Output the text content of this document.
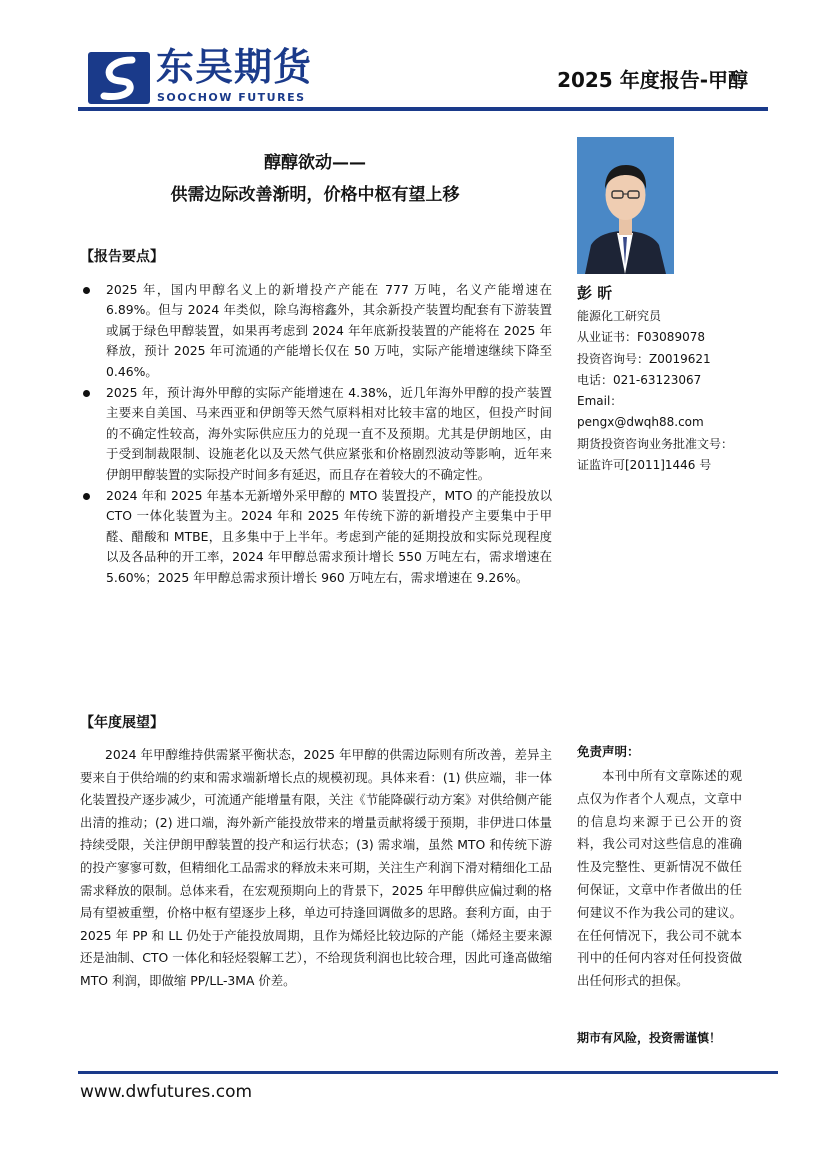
东吴期货
SOOCHOW FUTURES
2025 年度报告-甲醇
醇醇欲动——
供需边际改善渐明，价格中枢有望上移
【报告要点】
2025 年，国内甲醇名义上的新增投产产能在 777 万吨，名义产能增速在 6.89%。但与 2024 年类似，除乌海榕鑫外，其余新投产装置均配套有下游装置或属于绿色甲醇装置，如果再考虑到 2024 年年底新投装置的产能将在 2025 年释放，预计 2025 年可流通的产能增长仅在 50 万吨，实际产能增速继续下降至 0.46%。
2025 年，预计海外甲醇的实际产能增速在 4.38%，近几年海外甲醇的投产装置主要来自美国、马来西亚和伊朗等天然气原料相对比较丰富的地区，但投产时间的不确定性较高，海外实际供应压力的兑现一直不及预期。尤其是伊朗地区，由于受到制裁限制、设施老化以及天然气供应紧张和价格剧烈波动等影响，近年来伊朗甲醇装置的实际投产时间多有延迟，而且存在着较大的不确定性。
2024 年和 2025 年基本无新增外采甲醇的 MTO 装置投产，MTO 的产能投放以 CTO 一体化装置为主。2024 年和 2025 年传统下游的新增投产主要集中于甲醛、醋酸和 MTBE，且多集中于上半年。考虑到产能的延期投放和实际兑现程度以及各品种的开工率，2024 年甲醇总需求预计增长 550 万吨左右，需求增速在 5.60%；2025 年甲醇总需求预计增长 960 万吨左右，需求增速在 9.26%。
【年度展望】

2024 年甲醇维持供需紧平衡状态，2025 年甲醇的供需边际则有所改善，差异主要来自于供给端的约束和需求端新增长点的规模初现。具体来看：(1) 供应端，非一体化装置投产逐步减少，可流通产能增量有限，关注《节能降碳行动方案》对供给侧产能出清的推动；(2) 进口端，海外新产能投放带来的增量贡献将缓于预期，非伊进口体量持续受限，关注伊朗甲醇装置的投产和运行状态；(3) 需求端，虽然 MTO 和传统下游的投产寥寥可数，但精细化工品需求的释放未来可期，关注生产利润下滑对精细化工品需求释放的限制。总体来看，在宏观预期向上的背景下，2025 年甲醇供应偏过剩的格局有望被重塑，价格中枢有望逐步上移，单边可持逢回调做多的思路。套利方面，由于 2025 年 PP 和 LL 仍处于产能投放周期，且作为烯烃比较边际的产能（烯烃主要来源还是油制、CTO 一体化和轻烃裂解工艺），不给现货利润也比较合理，因此可逢高做缩 MTO 利润，即做缩 PP/LL-3MA 价差。

彭 昕
能源化工研究员
从业证书：F03089078
投资咨询号：Z0019621
电话：021-63123067
Email：
pengx@dwqh88.com
期货投资咨询业务批准文号：
证监许可[2011]1446 号
免责声明：

本刊中所有文章陈述的观点仅为作者个人观点，文章中的信息均来源于已公开的资料，我公司对这些信息的准确性及完整性、更新情况不做任何保证，文章中作者做出的任何建议不作为我公司的建议。在任何情况下，我公司不就本刊中的任何内容对任何投资做出任何形式的担保。

期市有风险，投资需谨慎！
www.dwfutures.com
